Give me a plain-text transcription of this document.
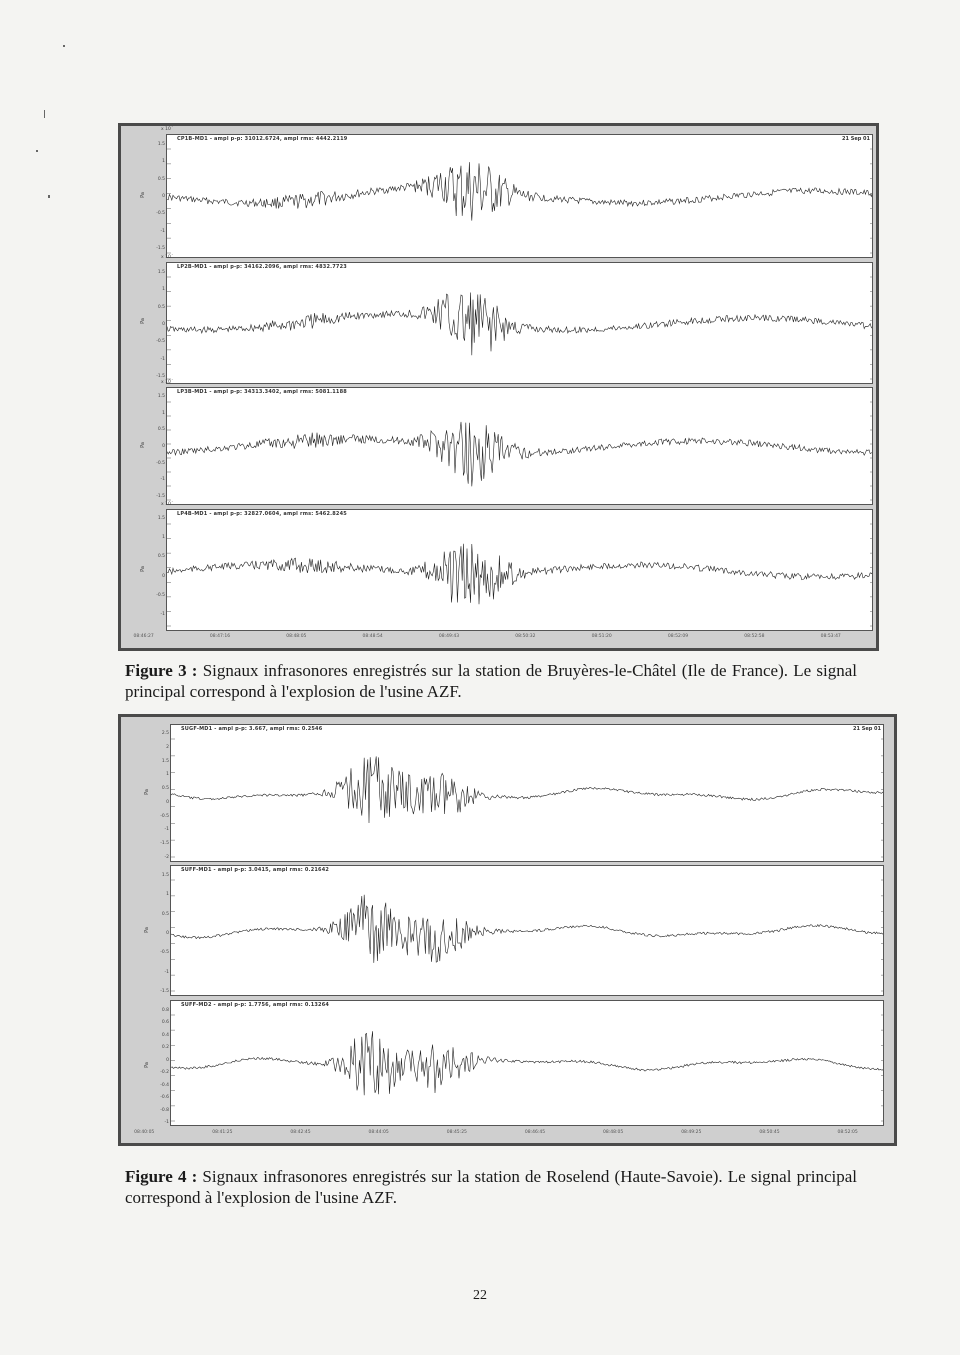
CP1B-MD1 - ampl p-p: 31012.6724, ampl rms: 4442.2119	21 Sep 01
LP2B-MD1 - ampl p-p: 34162.2096, ampl rms: 4832.7723
LP3B-MD1 - ampl p-p: 34313.3402, ampl rms: 5081.1188
LP4B-MD1 - ampl p-p: 32827.0604, ampl rms: 5462.8245
Pa
Pa
Pa
Pa
x 10´
x 10´
x 10´
x 10´
1.5
1
0.5
0
-0.5
-1
-1.5
1.5
1
0.5
0
-0.5
-1
-1.5
1.5
1
0.5
0
-0.5
-1
-1.5
1.5
1
0.5
0
-0.5
-1
08:46:27	08:47:16	08:48:05	08:48:54	08:49:43	08:50:32	08:51:20	08:52:09	08:52:58	08:53:47
Figure 3 : Signaux infrasonores enregistrés sur la station de Bruyères-le-Châtel (Ile de France). Le signal principal correspond à l'explosion de l'usine AZF.
SUGF-MD1 - ampl p-p: 3.667, ampl rms: 0.2546	21 Sep 01
SUFF-MD1 - ampl p-p: 3.0415, ampl rms: 0.21642
SUFF-MD2 - ampl p-p: 1.7756, ampl rms: 0.13264
Pa
Pa
Pa
2.5
2
1.5
1
0.5
0
-0.5
-1
-1.5
-2
1.5
1
0.5
0
-0.5
-1
-1.5
0.8
0.6
0.4
0.2
0
-0.2
-0.4
-0.6
-0.8
-1
08:40:05	08:41:25	08:42:45	08:44:05	08:45:25	08:46:45	08:48:05	08:49:25	08:50:45	08:52:05
Figure 4 : Signaux infrasonores enregistrés sur la station de Roselend (Haute-Savoie). Le signal principal correspond à l'explosion de l'usine AZF.
22
